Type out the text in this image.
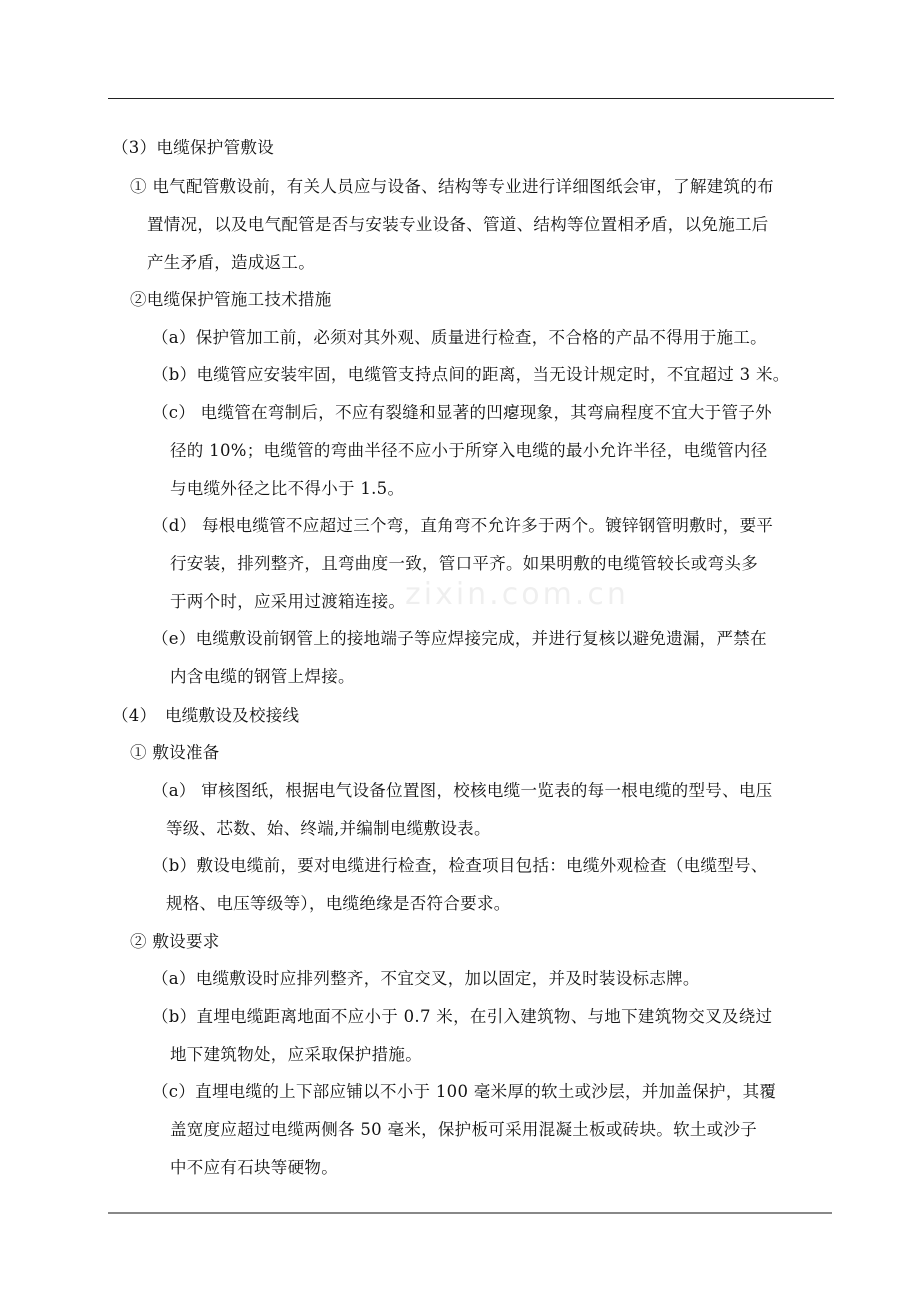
（3）电缆保护管敷设
① 电气配管敷设前，有关人员应与设备、结构等专业进行详细图纸会审，了解建筑的布
置情况，以及电气配管是否与安装专业设备、管道、结构等位置相矛盾，以免施工后
产生矛盾，造成返工。
②电缆保护管施工技术措施
（a）保护管加工前，必须对其外观、质量进行检查，不合格的产品不得用于施工。
（b）电缆管应安装牢固，电缆管支持点间的距离，当无设计规定时，不宜超过 3 米。
（c） 电缆管在弯制后，不应有裂缝和显著的凹瘪现象，其弯扁程度不宜大于管子外
径的 10%；电缆管的弯曲半径不应小于所穿入电缆的最小允许半径，电缆管内径
与电缆外径之比不得小于 1.5。
（d） 每根电缆管不应超过三个弯，直角弯不允许多于两个。镀锌钢管明敷时，要平
行安装，排列整齐，且弯曲度一致，管口平齐。如果明敷的电缆管较长或弯头多
于两个时，应采用过渡箱连接。
（e）电缆敷设前钢管上的接地端子等应焊接完成，并进行复核以避免遗漏，严禁在
内含电缆的钢管上焊接。
（4）　电缆敷设及校接线
① 敷设准备
（a） 审核图纸，根据电气设备位置图，校核电缆一览表的每一根电缆的型号、电压
等级、芯数、始、终端,并编制电缆敷设表。
（b）敷设电缆前，要对电缆进行检查，检查项目包括：电缆外观检查（电缆型号、
规格、电压等级等），电缆绝缘是否符合要求。
② 敷设要求
（a）电缆敷设时应排列整齐，不宜交叉，加以固定，并及时装设标志牌。
（b）直埋电缆距离地面不应小于 0.7 米，在引入建筑物、与地下建筑物交叉及绕过
地下建筑物处，应采取保护措施。
（c）直埋电缆的上下部应铺以不小于 100 毫米厚的软土或沙层，并加盖保护，其覆
盖宽度应超过电缆两侧各 50 毫米，保护板可采用混凝土板或砖块。软土或沙子
中不应有石块等硬物。
zixin.com.cn
